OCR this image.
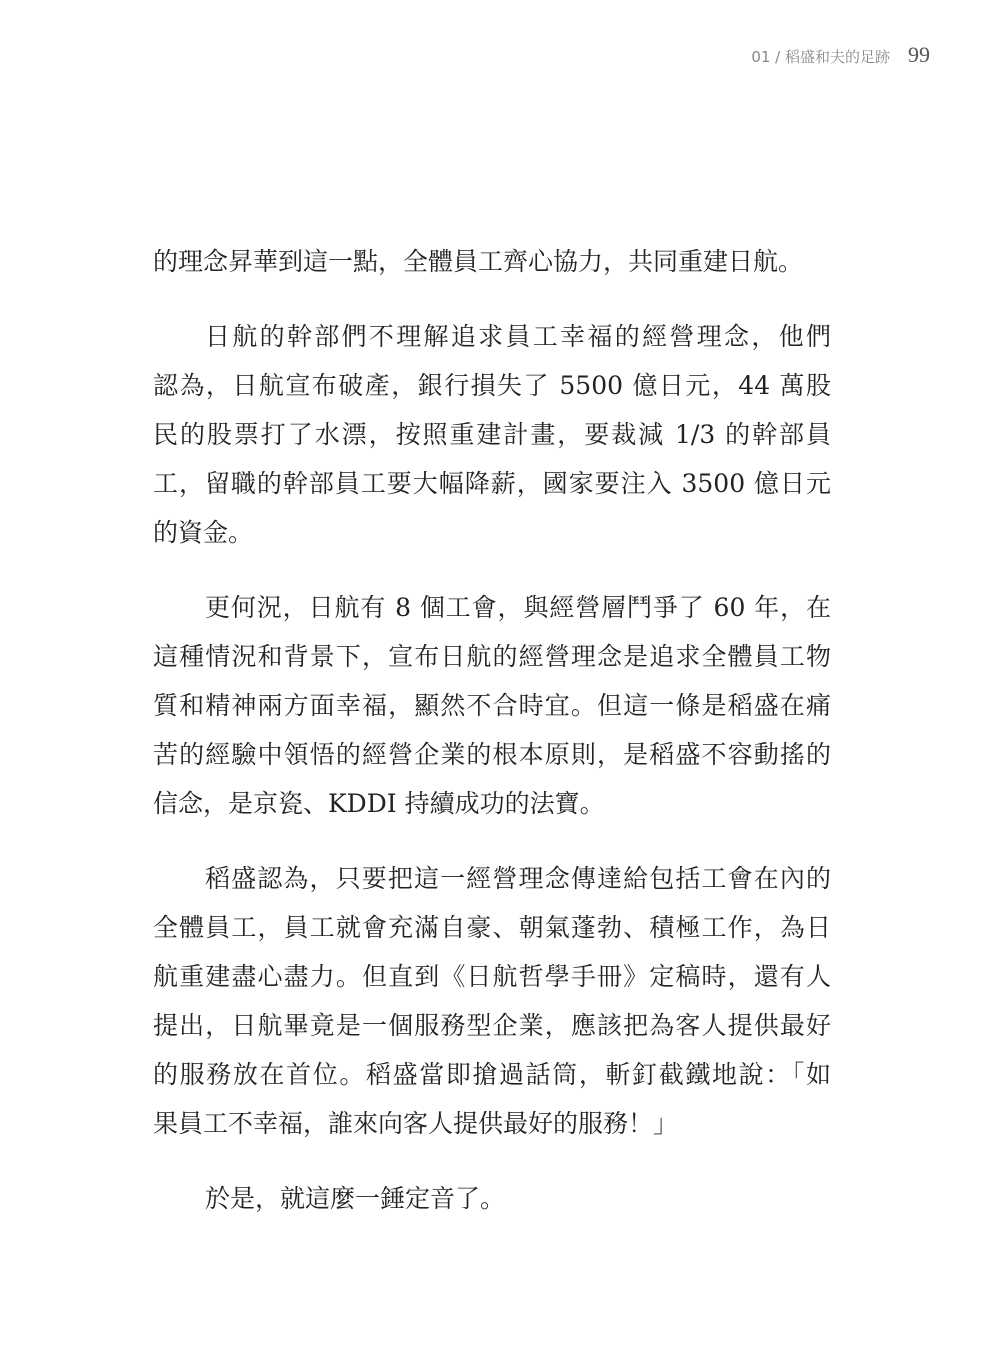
01 / 稻盛和夫的足跡 99
的理念昇華到這一點，全體員工齊心協力，共同重建日航。
日航的幹部們不理解追求員工幸福的經營理念，他們
認為，日航宣布破產，銀行損失了 5500 億日元，44 萬股
民的股票打了水漂，按照重建計畫，要裁減 1/3 的幹部員
工，留職的幹部員工要大幅降薪，國家要注入 3500 億日元
的資金。
更何況，日航有 8 個工會，與經營層鬥爭了 60 年，在
這種情況和背景下，宣布日航的經營理念是追求全體員工物
質和精神兩方面幸福，顯然不合時宜。但這一條是稻盛在痛
苦的經驗中領悟的經營企業的根本原則，是稻盛不容動搖的
信念，是京瓷、KDDI 持續成功的法寶。
稻盛認為，只要把這一經營理念傳達給包括工會在內的
全體員工，員工就會充滿自豪、朝氣蓬勃、積極工作，為日
航重建盡心盡力。但直到《日航哲學手冊》定稿時，還有人
提出，日航畢竟是一個服務型企業，應該把為客人提供最好
的服務放在首位。稻盛當即搶過話筒，斬釘截鐵地說：「如
果員工不幸福，誰來向客人提供最好的服務！」
於是，就這麼一錘定音了。
